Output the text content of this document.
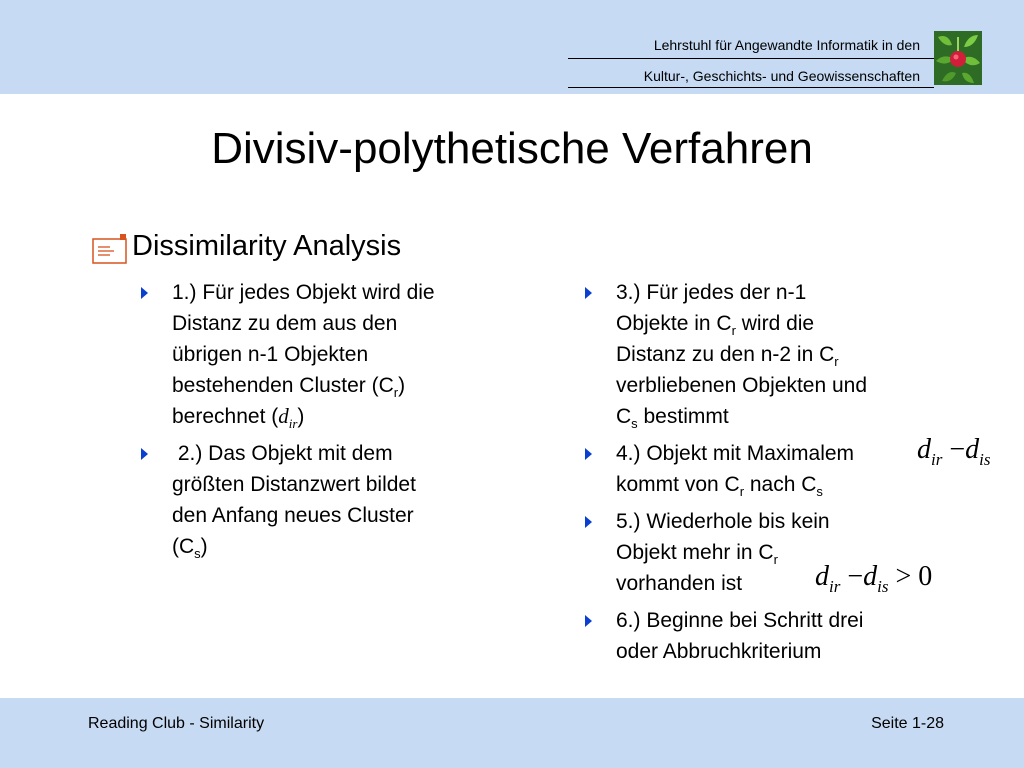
Lehrstuhl für Angewandte Informatik in den
Kultur-, Geschichts- und Geowissenschaften
Divisiv-polythetische Verfahren
Dissimilarity Analysis
1.) Für jedes Objekt wird die
Distanz zu dem aus den
übrigen n-1 Objekten
bestehenden Cluster $(C_r)$
berechnet $(d_{ir})$
2.) Das Objekt mit dem
größten Distanzwert bildet
den Anfang neues Cluster
$(C_s)$
3.) Für jedes der n-1
Objekte in $C_r$ wird die
Distanz zu den n-2 in $C_r$
verbliebenen Objekten und
$C_s$ bestimmt
4.) Objekt mit Maximalem
kommt von $C_r$ nach $C_s$
5.) Wiederhole bis kein
Objekt mehr in $C_r$
vorhanden ist
6.) Beginne bei Schritt drei
oder Abbruchkriterium
$d_{ir} -d_{is}$
$d_{ir} -d_{is} > 0$
Reading Club - Similarity	Seite 1-28
